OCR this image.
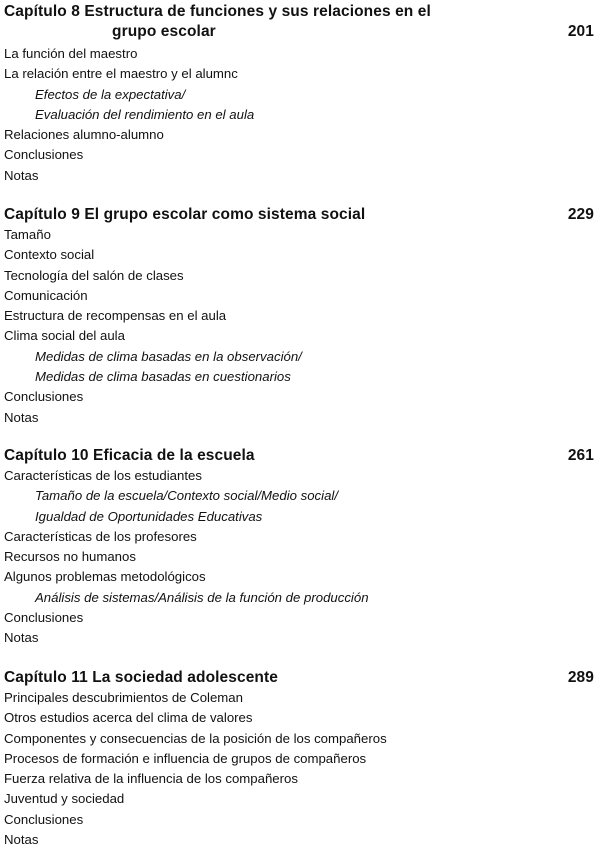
Capítulo 8 Estructura de funciones y sus relaciones en el
grupo escolar	201
La función del maestro
La relación entre el maestro y el alumnc
Efectos de la expectativa/
Evaluación del rendimiento en el aula
Relaciones alumno-alumno
Conclusiones
Notas
Capítulo 9 El grupo escolar como sistema social	229
Tamaño
Contexto social
Tecnología del salón de clases
Comunicación
Estructura de recompensas en el aula
Clima social del aula
Medidas de clima basadas en la observación/
Medidas de clima basadas en cuestionarios
Conclusiones
Notas
Capítulo 10 Eficacia de la escuela	261
Características de los estudiantes
Tamaño de la escuela/Contexto social/Medio social/
Igualdad de Oportunidades Educativas
Características de los profesores
Recursos no humanos
Algunos problemas metodológicos
Análisis de sistemas/Análisis de la función de producción
Conclusiones
Notas
Capítulo 11 La sociedad adolescente	289
Principales descubrimientos de Coleman
Otros estudios acerca del clima de valores
Componentes y consecuencias de la posición de los compañeros
Procesos de formación e influencia de grupos de compañeros
Fuerza relativa de la influencia de los compañeros
Juventud y sociedad
Conclusiones
Notas
